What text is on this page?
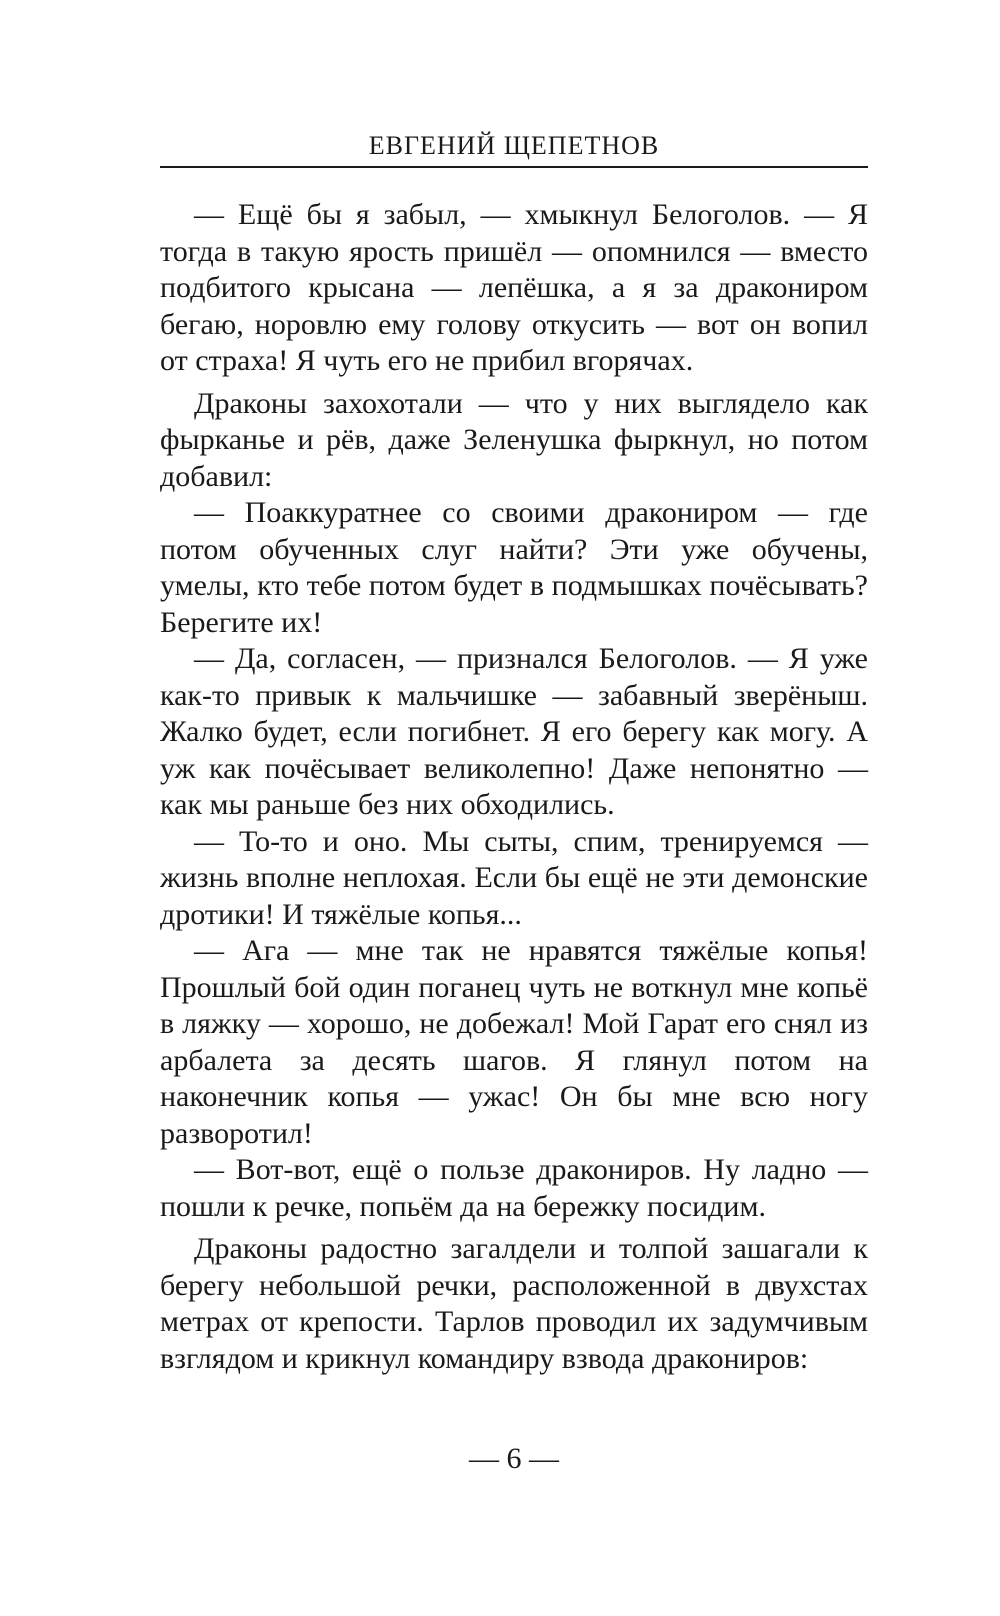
ЕВГЕНИЙ ЩЕПЕТНОВ

— Ещё бы я забыл, — хмыкнул Белоголов. — Я тогда в такую ярость пришёл — опомнился — вместо подбитого крысана — лепёшка, а я за дракониром бегаю, норовлю ему голову откусить — вот он вопил от страха! Я чуть его не прибил вгорячах.

Драконы захохотали — что у них выглядело как фырканье и рёв, даже Зеленушка фыркнул, но потом добавил:

— Поаккуратнее со своими дракониром — где потом обученных слуг найти? Эти уже обучены, умелы, кто тебе потом будет в подмышках почёсывать? Берегите их!

— Да, согласен, — признался Белоголов. — Я уже как-то привык к мальчишке — забавный зверёныш. Жалко будет, если погибнет. Я его берегу как могу. А уж как почёсывает великолепно! Даже непонятно — как мы раньше без них обходились.

— То-то и оно. Мы сыты, спим, тренируемся — жизнь вполне неплохая. Если бы ещё не эти демонские дротики! И тяжёлые копья...

— Ага — мне так не нравятся тяжёлые копья! Прошлый бой один поганец чуть не воткнул мне копьё в ляжку — хорошо, не добежал! Мой Гарат его снял из арбалета за десять шагов. Я глянул потом на наконечник копья — ужас! Он бы мне всю ногу разворотил!

— Вот-вот, ещё о пользе дракониров. Ну ладно — пошли к речке, попьём да на бережку посидим.

Драконы радостно загалдели и толпой зашагали к берегу небольшой речки, расположенной в двухстах метрах от крепости. Тарлов проводил их задумчивым взглядом и крикнул командиру взвода дракониров:

— 6 —
